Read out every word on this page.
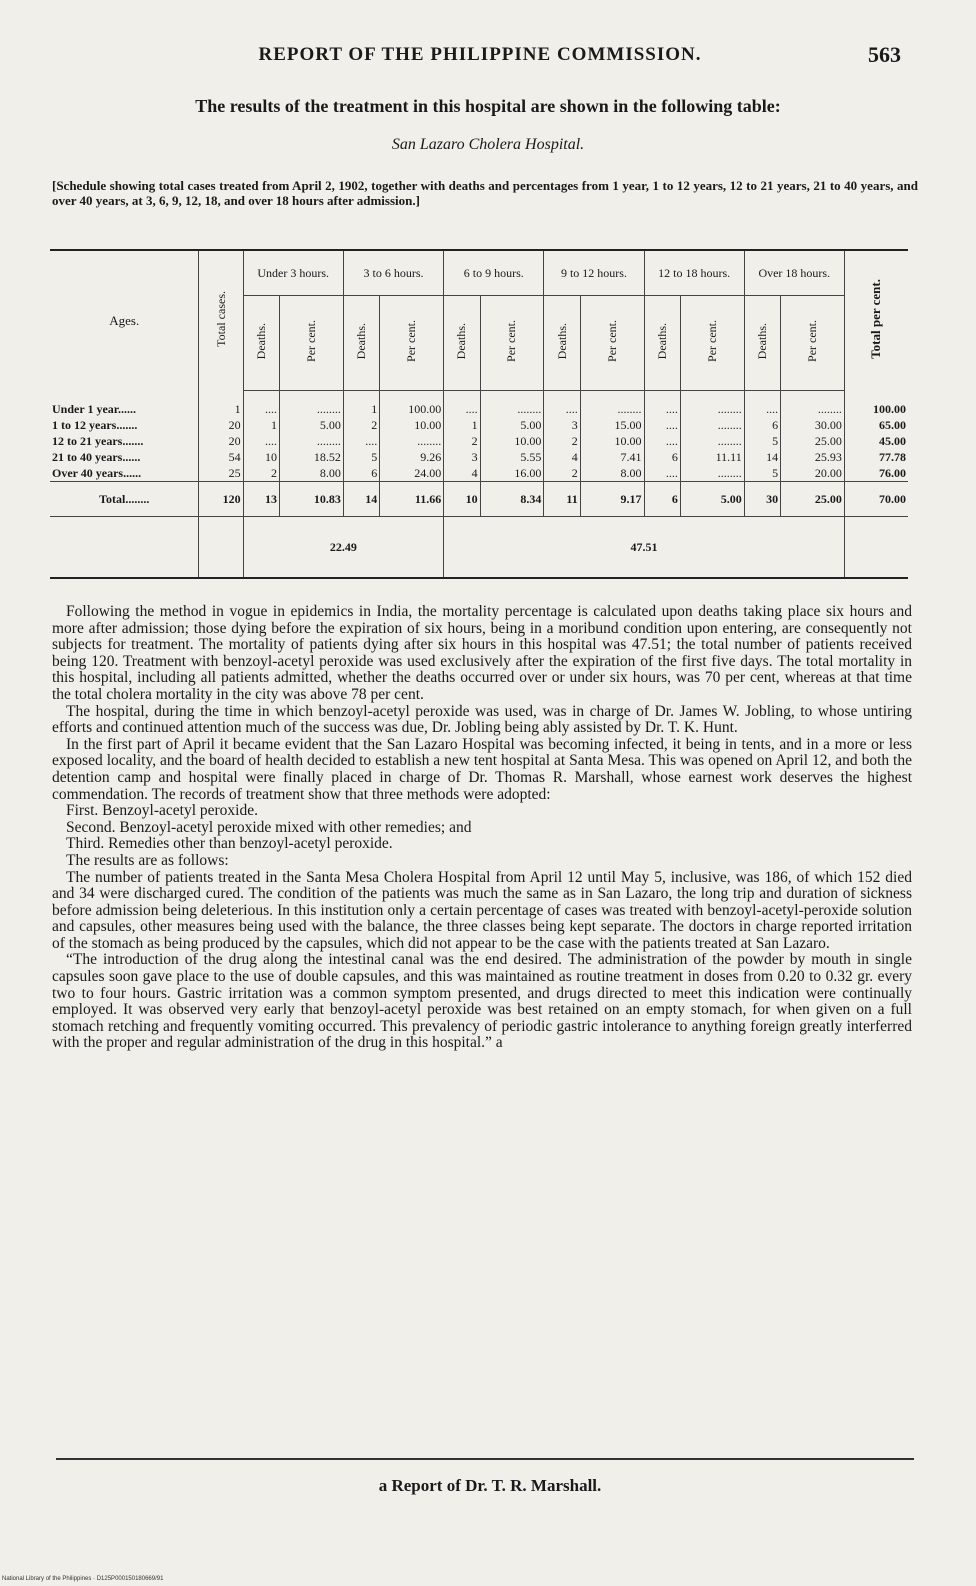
REPORT OF THE PHILIPPINE COMMISSION.	563
The results of the treatment in this hospital are shown in the following table:
San Lazaro Cholera Hospital.
[Schedule showing total cases treated from April 2, 1902, together with deaths and percentages from 1 year, 1 to 12 years, 12 to 21 years, 21 to 40 years, and over 40 years, at 3, 6, 9, 12, 18, and over 18 hours after admission.]
Ages.	Total cases.	Under 3 hours.		3 to 6 hours.		6 to 9 hours.		9 to 12 hours.		12 to 18 hours.		Over 18 hours.		Total per cent.
		Deaths.	Per cent.	Deaths.	Per cent.	Deaths.	Per cent.	Deaths.	Per cent.	Deaths.	Per cent.	Deaths.	Per cent.	
Under 1 year......	1	....	........	1	100.00	....	........	....	........	....	........	....	........	100.00
1 to 12 years.......	20	1	5.00	2	10.00	1	5.00	3	15.00	....	........	6	30.00	65.00
12 to 21 years.......	20	....	........	....	........	2	10.00	2	10.00	....	........	5	25.00	45.00
21 to 40 years......	54	10	18.52	5	9.26	3	5.55	4	7.41	6	11.11	14	25.93	77.78
Over 40 years......	25	2	8.00	6	24.00	4	16.00	2	8.00	....	........	5	20.00	76.00
Total........	120	13	10.83	14	11.66	10	8.34	11	9.17	6	5.00	30	25.00	70.00
		22.49				47.51								

Following the method in vogue in epidemics in India, the mortality percentage is calculated upon deaths taking place six hours and more after admission; those dying before the expiration of six hours, being in a moribund condition upon entering, are consequently not subjects for treatment. The mortality of patients dying after six hours in this hospital was 47.51; the total number of patients received being 120. Treatment with benzoyl-acetyl peroxide was used exclusively after the expiration of the first five days. The total mortality in this hospital, including all patients admitted, whether the deaths occurred over or under six hours, was 70 per cent, whereas at that time the total cholera mortality in the city was above 78 per cent.

The hospital, during the time in which benzoyl-acetyl peroxide was used, was in charge of Dr. James W. Jobling, to whose untiring efforts and continued attention much of the success was due, Dr. Jobling being ably assisted by Dr. T. K. Hunt.

In the first part of April it became evident that the San Lazaro Hospital was becoming infected, it being in tents, and in a more or less exposed locality, and the board of health decided to establish a new tent hospital at Santa Mesa. This was opened on April 12, and both the detention camp and hospital were finally placed in charge of Dr. Thomas R. Marshall, whose earnest work deserves the highest commendation. The records of treatment show that three methods were adopted:

First. Benzoyl-acetyl peroxide.

Second. Benzoyl-acetyl peroxide mixed with other remedies; and

Third. Remedies other than benzoyl-acetyl peroxide.

The results are as follows:

The number of patients treated in the Santa Mesa Cholera Hospital from April 12 until May 5, inclusive, was 186, of which 152 died and 34 were discharged cured. The condition of the patients was much the same as in San Lazaro, the long trip and duration of sickness before admission being deleterious. In this institution only a certain percentage of cases was treated with benzoyl-acetyl-peroxide solution and capsules, other measures being used with the balance, the three classes being kept separate. The doctors in charge reported irritation of the stomach as being produced by the capsules, which did not appear to be the case with the patients treated at San Lazaro.

“The introduction of the drug along the intestinal canal was the end desired. The administration of the powder by mouth in single capsules soon gave place to the use of double capsules, and this was maintained as routine treatment in doses from 0.20 to 0.32 gr. every two to four hours. Gastric irritation was a common symptom presented, and drugs directed to meet this indication were continually employed. It was observed very early that benzoyl-acetyl peroxide was best retained on an empty stomach, for when given on a full stomach retching and frequently vomiting occurred. This prevalency of periodic gastric intolerance to anything foreign greatly interferred with the proper and regular administration of the drug in this hospital.” a

a Report of Dr. T. R. Marshall.
National Library of the Philippines · D125P000150180669/91
